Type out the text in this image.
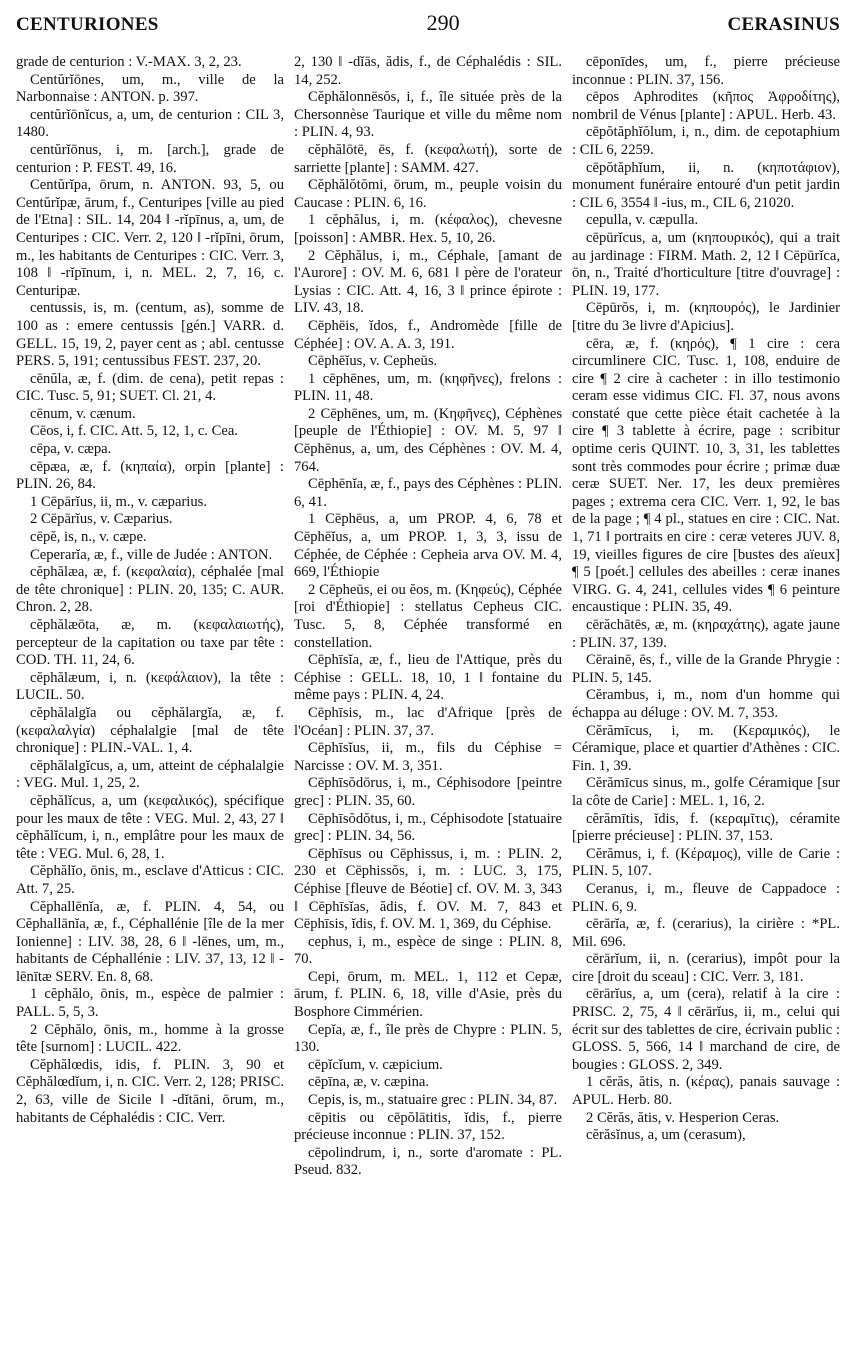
CENTURIONES	290	CERASINUS

grade de centurion : V.-MAX. 3, 2, 23.

Centŭrĭōnes, um, m., ville de la Narbonnaise : ANTON. p. 397.

centŭrĭōnĭcus, a, um, de centurion : CIL 3, 1480.

centŭrĭōnus, i, m. [arch.], grade de centurion : P. FEST. 49, 16.

Centŭrĭpa, ōrum, n. ANTON. 93, 5, ou Centŭrĭpæ, ārum, f., Centuripes [ville au pied de l'Etna] : SIL. 14, 204 ‖ -rĭpīnus, a, um, de Centuripes : CIC. Verr. 2, 120 ‖ -rĭpīni, ōrum, m., les habitants de Centuripes : CIC. Verr. 3, 108 ‖ -rĭpīnum, i, n. MEL. 2, 7, 16, c. Centuripæ.

centussis, is, m. (centum, as), somme de 100 as : emere centussis [gén.] VARR. d. GELL. 15, 19, 2, payer cent as ; abl. centusse PERS. 5, 191; centussibus FEST. 237, 20.

cēnŭla, æ, f. (dim. de cena), petit repas : CIC. Tusc. 5, 91; SUET. Cl. 21, 4.

cēnum, v. cænum.

Cēos, i, f. CIC. Att. 5, 12, 1, c. Cea.

cēpa, v. cæpa.

cēpæa, æ, f. (κηπαία), orpin [plante] : PLIN. 26, 84.

1 Cēpārĭus, ii, m., v. cæparius.

2 Cēpārĭus, v. Cæparius.

cēpĕ, is, n., v. cæpe.

Ceperarĭa, æ, f., ville de Judée : ANTON.

cĕphălæa, æ, f. (κεφαλαία), céphalée [mal de tête chronique] : PLIN. 20, 135; C. AUR. Chron. 2, 28.

cĕphălæōta, æ, m. (κεφαλαιωτής), percepteur de la capitation ou taxe par tête : COD. TH. 11, 24, 6.

cĕphălæum, i, n. (κεφάλαιον), la tête : LUCIL. 50.

cĕphălalgĭa ou cĕphălargĭa, æ, f. (κεφαλαλγία) céphalalgie [mal de tête chronique] : PLIN.-VAL. 1, 4.

cĕphălalgĭcus, a, um, atteint de céphalalgie : VEG. Mul. 1, 25, 2.

cĕphălĭcus, a, um (κεφαλικός), spécifique pour les maux de tête : VEG. Mul. 2, 43, 27 ‖ cĕphălĭcum, i, n., emplâtre pour les maux de tête : VEG. Mul. 6, 28, 1.

Cĕphălĭo, ōnis, m., esclave d'Atticus : CIC. Att. 7, 25.

Cĕphallēnĭa, æ, f. PLIN. 4, 54, ou Cĕphallānĭa, æ, f., Céphallénie [île de la mer Ionienne] : LIV. 38, 28, 6 ‖ -lēnes, um, m., habitants de Céphallénie : LIV. 37, 13, 12 ‖ -lēnītæ SERV. En. 8, 68.

1 cĕphălo, ōnis, m., espèce de palmier : PALL. 5, 5, 3.

2 Cĕphălo, ōnis, m., homme à la grosse tête [surnom] : LUCIL. 422.

Cĕphălœdis, idis, f. PLIN. 3, 90 et Cĕphălœdĭum, i, n. CIC. Verr. 2, 128; PRISC. 2, 63, ville de Sicile ‖ -dĭtāni, ōrum, m., habitants de Céphalédis : CIC. Verr.

2, 130 ‖ -dĭās, ădis, f., de Céphalédis : SIL. 14, 252.

Cĕphălonnēsŏs, i, f., île située près de la Chersonnèse Taurique et ville du même nom : PLIN. 4, 93.

cĕphălōtē, ēs, f. (κεφαλωτή), sorte de sarriette [plante] : SAMM. 427.

Cĕphălŏtŏmi, ōrum, m., peuple voisin du Caucase : PLIN. 6, 16.

1 cĕphălus, i, m. (κέφαλος), chevesne [poisson] : AMBR. Hex. 5, 10, 26.

2 Cĕphălus, i, m., Céphale, [amant de l'Aurore] : OV. M. 6, 681 ‖ père de l'orateur Lysias : CIC. Att. 4, 16, 3 ‖ prince épirote : LIV. 43, 18.

Cēphēis, ĭdos, f., Andromède [fille de Céphée] : OV. A. A. 3, 191.

Cēphēĭus, v. Cepheūs.

1 cēphēnes, um, m. (κηφῆνες), frelons : PLIN. 11, 48.

2 Cēphēnes, um, m. (Κηφῆνες), Céphènes [peuple de l'Éthiopie] : OV. M. 5, 97 ‖ Cēphēnus, a, um, des Céphènes : OV. M. 4, 764.

Cēphēnĭa, æ, f., pays des Céphènes : PLIN. 6, 41.

1 Cēphēus, a, um PROP. 4, 6, 78 et Cēphēĭus, a, um PROP. 1, 3, 3, issu de Céphée, de Céphée : Cepheia arva OV. M. 4, 669, l'Éthiopie

2 Cēpheūs, ei ou ĕos, m. (Κηφεύς), Céphée [roi d'Éthiopie] : stellatus Cepheus CIC. Tusc. 5, 8, Céphée transformé en constellation.

Cēphīsĭa, æ, f., lieu de l'Attique, près du Céphise : GELL. 18, 10, 1 ‖ fontaine du même pays : PLIN. 4, 24.

Cēphīsis, m., lac d'Afrique [près de l'Océan] : PLIN. 37, 37.

Cēphīsĭus, ii, m., fils du Céphise = Narcisse : OV. M. 3, 351.

Cēphīsŏdōrus, i, m., Céphisodore [peintre grec] : PLIN. 35, 60.

Cēphīsŏdŏtus, i, m., Céphisodote [statuaire grec] : PLIN. 34, 56.

Cēphīsus ou Cēphissus, i, m. : PLIN. 2, 230 et Cēphissŏs, i, m. : LUC. 3, 175, Céphise [fleuve de Béotie] cf. OV. M. 3, 343 ‖ Cēphīsĭas, ădis, f. OV. M. 7, 843 et Cēphīsis, ĭdis, f. OV. M. 1, 369, du Céphise.

cephus, i, m., espèce de singe : PLIN. 8, 70.

Cepi, ōrum, m. MEL. 1, 112 et Cepæ, ārum, f. PLIN. 6, 18, ville d'Asie, près du Bosphore Cimmérien.

Cepĭa, æ, f., île près de Chypre : PLIN. 5, 130.

cēpĭcĭum, v. cæpicium.

cēpīna, æ, v. cæpina.

Cepis, is, m., statuaire grec : PLIN. 34, 87.

cēpitis ou cēpŏlātitis, ĭdis, f., pierre précieuse inconnue : PLIN. 37, 152.

cēpolindrum, i, n., sorte d'aromate : PL. Pseud. 832.

cēponīdes, um, f., pierre précieuse inconnue : PLIN. 37, 156.

cēpos Aphrodites (κῆπος Ἀφροδίτης), nombril de Vénus [plante] : APUL. Herb. 43.

cēpŏtăphĭŏlum, i, n., dim. de cepotaphium : CIL 6, 2259.

cēpŏtăphĭum, ii, n. (κηποτάφιον), monument funéraire entouré d'un petit jardin : CIL 6, 3554 ‖ -ius, m., CIL 6, 21020.

cepulla, v. cæpulla.

cēpūrĭcus, a, um (κηπουρικός), qui a trait au jardinage : FIRM. Math. 2, 12 ‖ Cēpūrĭca, ōn, n., Traité d'horticulture [titre d'ouvrage] : PLIN. 19, 177.

Cēpūrŏs, i, m. (κηπουρός), le Jardinier [titre du 3e livre d'Apicius].

cēra, æ, f. (κηρός), ¶ 1 cire : cera circumlinere CIC. Tusc. 1, 108, enduire de cire ¶ 2 cire à cacheter : in illo testimonio ceram esse vidimus CIC. Fl. 37, nous avons constaté que cette pièce était cachetée à la cire ¶ 3 tablette à écrire, page : scribitur optime ceris QUINT. 10, 3, 31, les tablettes sont très commodes pour écrire ; primæ duæ ceræ SUET. Ner. 17, les deux premières pages ; extrema cera CIC. Verr. 1, 92, le bas de la page ; ¶ 4 pl., statues en cire : CIC. Nat. 1, 71 ‖ portraits en cire : ceræ veteres JUV. 8, 19, vieilles figures de cire [bustes des aïeux] ¶ 5 [poét.] cellules des abeilles : ceræ inanes VIRG. G. 4, 241, cellules vides ¶ 6 peinture encaustique : PLIN. 35, 49.

cērăchātēs, æ, m. (κηραχάτης), agate jaune : PLIN. 37, 139.

Cērainē, ēs, f., ville de la Grande Phrygie : PLIN. 5, 145.

Cĕrambus, i, m., nom d'un homme qui échappa au déluge : OV. M. 7, 353.

Cĕrămīcus, i, m. (Κεραμικός), le Céramique, place et quartier d'Athènes : CIC. Fin. 1, 39.

Cĕrămīcus sinus, m., golfe Céramique [sur la côte de Carie] : MEL. 1, 16, 2.

cĕrămītis, ĭdis, f. (κεραμῖτις), céramite [pierre précieuse] : PLIN. 37, 153.

Cĕrămus, i, f. (Κέραμος), ville de Carie : PLIN. 5, 107.

Ceranus, i, m., fleuve de Cappadoce : PLIN. 6, 9.

cērārĭa, æ, f. (cerarius), la cirière : *PL. Mil. 696.

cērārĭum, ii, n. (cerarius), impôt pour la cire [droit du sceau] : CIC. Verr. 3, 181.

cērārĭus, a, um (cera), relatif à la cire : PRISC. 2, 75, 4 ‖ cērārĭus, ii, m., celui qui écrit sur des tablettes de cire, écrivain public : GLOSS. 5, 566, 14 ‖ marchand de cire, de bougies : GLOSS. 2, 349.

1 cĕrăs, ătis, n. (κέρας), panais sauvage : APUL. Herb. 80.

2 Cĕrăs, ătis, v. Hesperion Ceras.

cĕrăsĭnus, a, um (cerasum),
